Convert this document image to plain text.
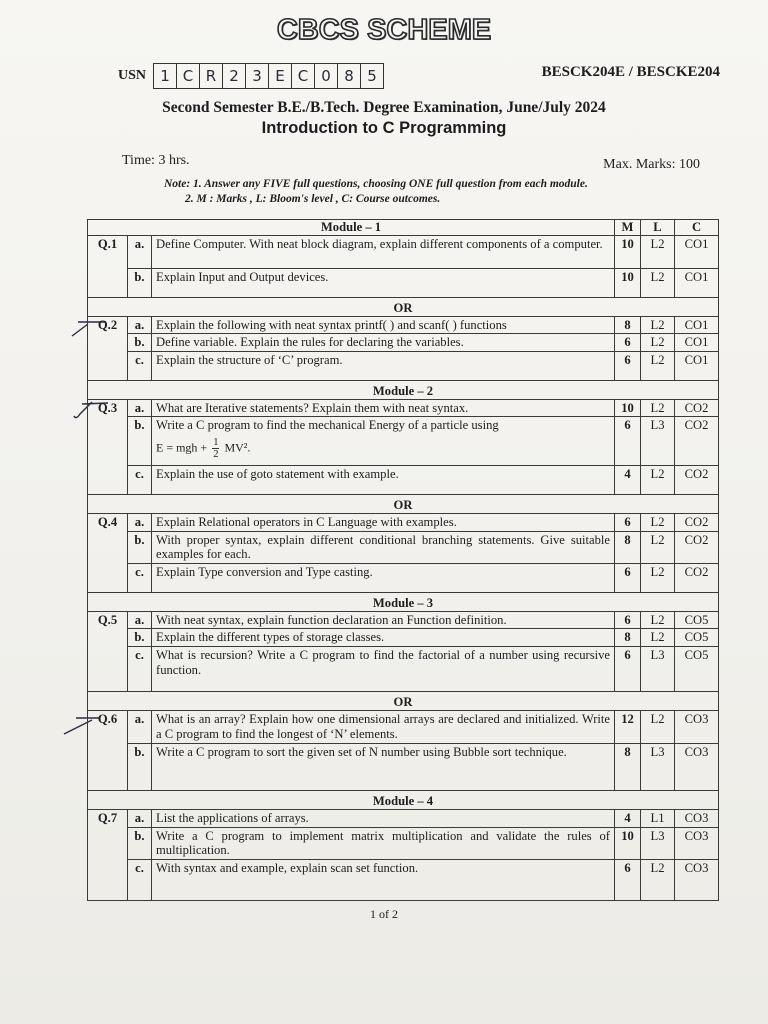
CBCS SCHEME
USN 1 C R 2 3 E C 0 8 5	BESCK204E / BESCKE204
Second Semester B.E./B.Tech. Degree Examination, June/July 2024
Introduction to C Programming
Time: 3 hrs.	Max. Marks: 100
Note: 1. Answer any FIVE full questions, choosing ONE full question from each module.
2. M : Marks , L: Bloom's level , C: Course outcomes.
Module – 1			M	L	C
Q.1	a.	Define Computer. With neat block diagram, explain different components of a computer.	10	L2	CO1
	b.	Explain Input and Output devices.	10	L2	CO1
OR					
Q.2	a.	Explain the following with neat syntax printf( ) and scanf( ) functions	8	L2	CO1
	b.	Define variable. Explain the rules for declaring the variables.	6	L2	CO1
	c.	Explain the structure of ‘C’ program.	6	L2	CO1
Module – 2					
Q.3	a.	What are Iterative statements? Explain them with neat syntax.	10	L2	CO2
	b.	Write a C program to find the mechanical Energy of a particle using
E = mgh + $\frac{1}{2} MV^2$.	6	L3	CO2
	c.	Explain the use of goto statement with example.	4	L2	CO2
OR					
Q.4	a.	Explain Relational operators in C Language with examples.	6	L2	CO2
	b.	With proper syntax, explain different conditional branching statements. Give suitable examples for each.	8	L2	CO2
	c.	Explain Type conversion and Type casting.	6	L2	CO2
Module – 3					
Q.5	a.	With neat syntax, explain function declaration an Function definition.	6	L2	CO5
	b.	Explain the different types of storage classes.	8	L2	CO5
	c.	What is recursion? Write a C program to find the factorial of a number using recursive function.	6	L3	CO5
OR					
Q.6	a.	What is an array? Explain how one dimensional arrays are declared and initialized. Write a C program to find the longest of ‘N’ elements.	12	L2	CO3
	b.	Write a C program to sort the given set of N number using Bubble sort technique.	8	L3	CO3
Module – 4					
Q.7	a.	List the applications of arrays.	4	L1	CO3
	b.	Write a C program to implement matrix multiplication and validate the rules of multiplication.	10	L3	CO3
	c.	With syntax and example, explain scan set function.	6	L2	CO3
1 of 2
